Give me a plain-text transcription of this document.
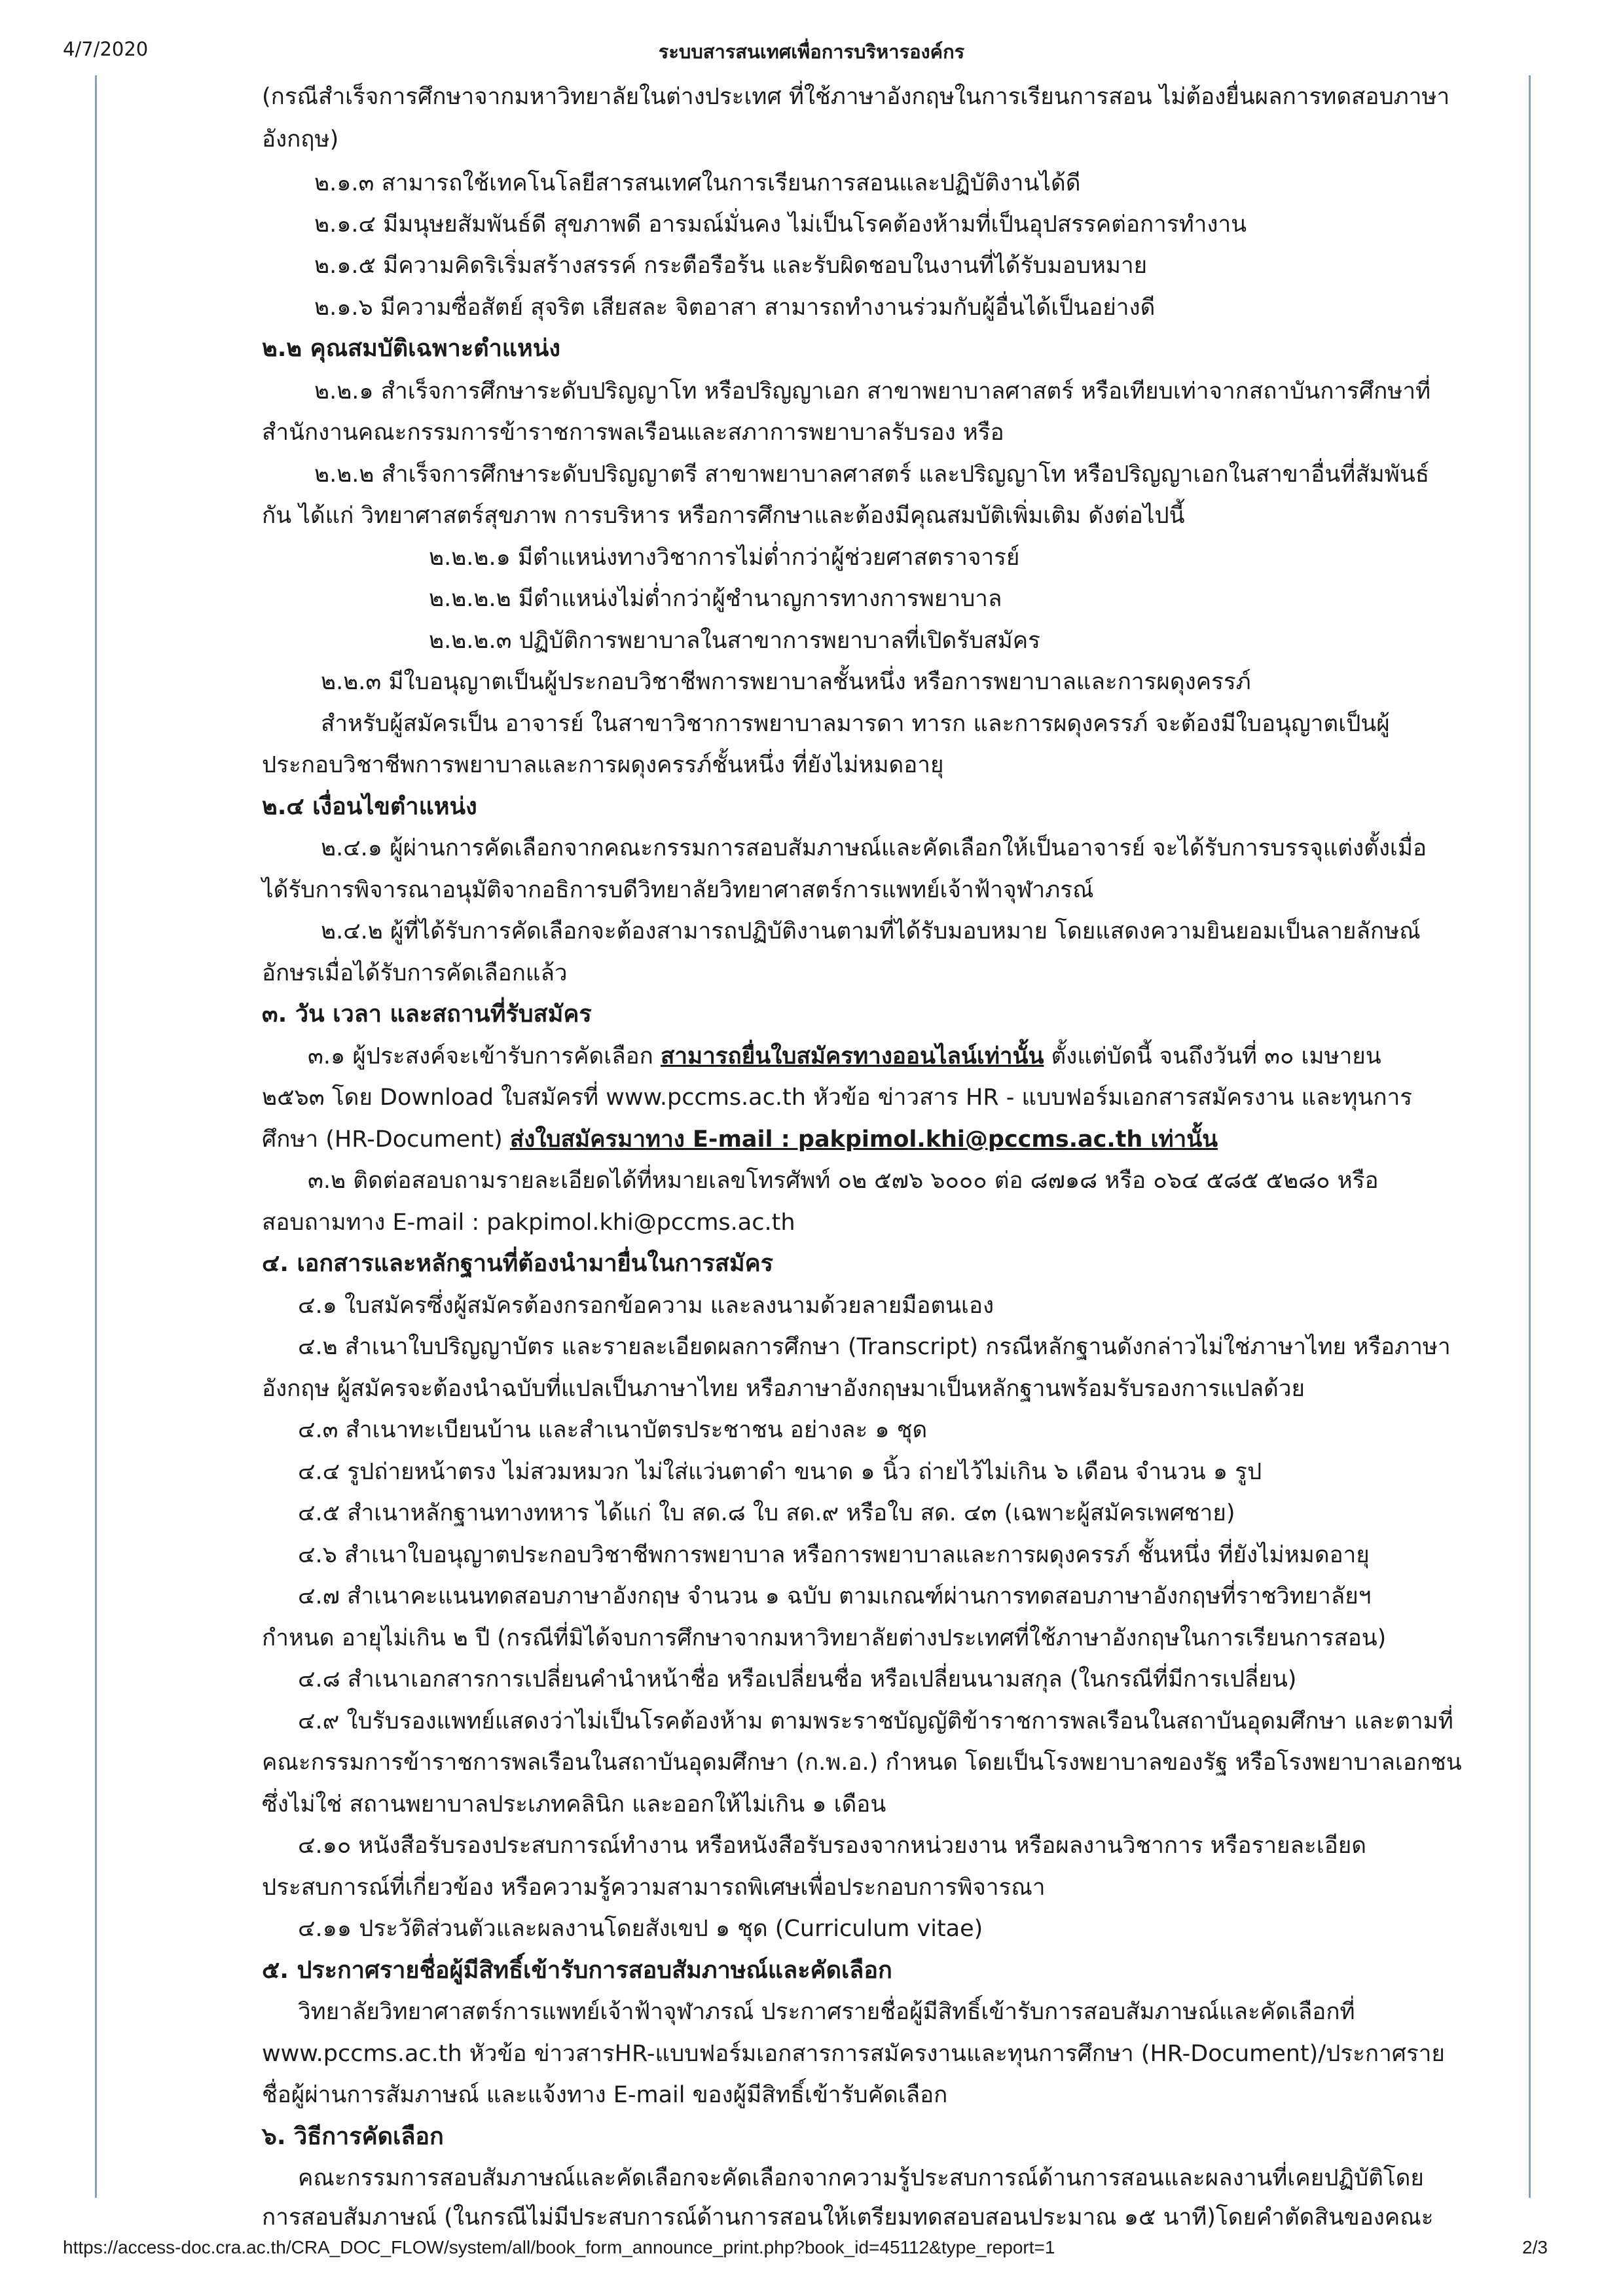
4/7/2020	ระบบสารสนเทศเพื่อการบริหารองค์กร
(กรณีสำเร็จการศึกษาจากมหาวิทยาลัยในต่างประเทศ ที่ใช้ภาษาอังกฤษในการเรียนการสอน ไม่ต้องยื่นผลการทดสอบภาษา
อังกฤษ)
๒.๑.๓ สามารถใช้เทคโนโลยีสารสนเทศในการเรียนการสอนและปฏิบัติงานได้ดี
๒.๑.๔ มีมนุษยสัมพันธ์ดี สุขภาพดี อารมณ์มั่นคง ไม่เป็นโรคต้องห้ามที่เป็นอุปสรรคต่อการทำงาน
๒.๑.๕ มีความคิดริเริ่มสร้างสรรค์ กระตือรือร้น และรับผิดชอบในงานที่ได้รับมอบหมาย
๒.๑.๖ มีความซื่อสัตย์ สุจริต เสียสละ จิตอาสา สามารถทำงานร่วมกับผู้อื่นได้เป็นอย่างดี
๒.๒ คุณสมบัติเฉพาะตำแหน่ง
๒.๒.๑ สำเร็จการศึกษาระดับปริญญาโท หรือปริญญาเอก สาขาพยาบาลศาสตร์ หรือเทียบเท่าจากสถาบันการศึกษาที่
สำนักงานคณะกรรมการข้าราชการพลเรือนและสภาการพยาบาลรับรอง หรือ
๒.๒.๒ สำเร็จการศึกษาระดับปริญญาตรี สาขาพยาบาลศาสตร์ และปริญญาโท หรือปริญญาเอกในสาขาอื่นที่สัมพันธ์
กัน ได้แก่ วิทยาศาสตร์สุขภาพ การบริหาร หรือการศึกษาและต้องมีคุณสมบัติเพิ่มเติม ดังต่อไปนี้
๒.๒.๒.๑ มีตำแหน่งทางวิชาการไม่ต่ำกว่าผู้ช่วยศาสตราจารย์
๒.๒.๒.๒ มีตำแหน่งไม่ต่ำกว่าผู้ชำนาญการทางการพยาบาล
๒.๒.๒.๓ ปฏิบัติการพยาบาลในสาขาการพยาบาลที่เปิดรับสมัคร
๒.๒.๓ มีใบอนุญาตเป็นผู้ประกอบวิชาชีพการพยาบาลชั้นหนึ่ง หรือการพยาบาลและการผดุงครรภ์
สำหรับผู้สมัครเป็น อาจารย์ ในสาขาวิชาการพยาบาลมารดา ทารก และการผดุงครรภ์ จะต้องมีใบอนุญาตเป็นผู้
ประกอบวิชาชีพการพยาบาลและการผดุงครรภ์ชั้นหนึ่ง ที่ยังไม่หมดอายุ
๒.๔ เงื่อนไขตำแหน่ง
๒.๔.๑ ผู้ผ่านการคัดเลือกจากคณะกรรมการสอบสัมภาษณ์และคัดเลือกให้เป็นอาจารย์ จะได้รับการบรรจุแต่งตั้งเมื่อ
ได้รับการพิจารณาอนุมัติจากอธิการบดีวิทยาลัยวิทยาศาสตร์การแพทย์เจ้าฟ้าจุฬาภรณ์
๒.๔.๒ ผู้ที่ได้รับการคัดเลือกจะต้องสามารถปฏิบัติงานตามที่ได้รับมอบหมาย โดยแสดงความยินยอมเป็นลายลักษณ์
อักษรเมื่อได้รับการคัดเลือกแล้ว
๓. วัน เวลา และสถานที่รับสมัคร
๓.๑ ผู้ประสงค์จะเข้ารับการคัดเลือก สามารถยื่นใบสมัครทางออนไลน์เท่านั้น ตั้งแต่บัดนี้ จนถึงวันที่ ๓๐ เมษายน
๒๕๖๓ โดย Download ใบสมัครที่ www.pccms.ac.th หัวข้อ ข่าวสาร HR - แบบฟอร์มเอกสารสมัครงาน และทุนการ
ศึกษา (HR-Document) ส่งใบสมัครมาทาง E-mail : pakpimol.khi@pccms.ac.th เท่านั้น
๓.๒ ติดต่อสอบถามรายละเอียดได้ที่หมายเลขโทรศัพท์ ๐๒ ๕๗๖ ๖๐๐๐ ต่อ ๘๗๑๘ หรือ ๐๖๔ ๕๘๕ ๕๒๘๐ หรือ
สอบถามทาง E-mail : pakpimol.khi@pccms.ac.th
๔. เอกสารและหลักฐานที่ต้องนำมายื่นในการสมัคร
๔.๑ ใบสมัครซึ่งผู้สมัครต้องกรอกข้อความ และลงนามด้วยลายมือตนเอง
๔.๒ สำเนาใบปริญญาบัตร และรายละเอียดผลการศึกษา (Transcript) กรณีหลักฐานดังกล่าวไม่ใช่ภาษาไทย หรือภาษา
อังกฤษ ผู้สมัครจะต้องนำฉบับที่แปลเป็นภาษาไทย หรือภาษาอังกฤษมาเป็นหลักฐานพร้อมรับรองการแปลด้วย
๔.๓ สำเนาทะเบียนบ้าน และสำเนาบัตรประชาชน อย่างละ ๑ ชุด
๔.๔ รูปถ่ายหน้าตรง ไม่สวมหมวก ไม่ใส่แว่นตาดำ ขนาด ๑ นิ้ว ถ่ายไว้ไม่เกิน ๖ เดือน จำนวน ๑ รูป
๔.๕ สำเนาหลักฐานทางทหาร ได้แก่ ใบ สด.๘ ใบ สด.๙ หรือใบ สด. ๔๓ (เฉพาะผู้สมัครเพศชาย)
๔.๖ สำเนาใบอนุญาตประกอบวิชาชีพการพยาบาล หรือการพยาบาลและการผดุงครรภ์ ชั้นหนึ่ง ที่ยังไม่หมดอายุ
๔.๗ สำเนาคะแนนทดสอบภาษาอังกฤษ จำนวน ๑ ฉบับ ตามเกณฑ์ผ่านการทดสอบภาษาอังกฤษที่ราชวิทยาลัยฯ
กำหนด อายุไม่เกิน ๒ ปี (กรณีที่มิได้จบการศึกษาจากมหาวิทยาลัยต่างประเทศที่ใช้ภาษาอังกฤษในการเรียนการสอน)
๔.๘ สำเนาเอกสารการเปลี่ยนคำนำหน้าชื่อ หรือเปลี่ยนชื่อ หรือเปลี่ยนนามสกุล (ในกรณีที่มีการเปลี่ยน)
๔.๙ ใบรับรองแพทย์แสดงว่าไม่เป็นโรคต้องห้าม ตามพระราชบัญญัติข้าราชการพลเรือนในสถาบันอุดมศึกษา และตามที่
คณะกรรมการข้าราชการพลเรือนในสถาบันอุดมศึกษา (ก.พ.อ.) กำหนด โดยเป็นโรงพยาบาลของรัฐ หรือโรงพยาบาลเอกชน
ซึ่งไม่ใช่ สถานพยาบาลประเภทคลินิก และออกให้ไม่เกิน ๑ เดือน
๔.๑๐ หนังสือรับรองประสบการณ์ทำงาน หรือหนังสือรับรองจากหน่วยงาน หรือผลงานวิชาการ หรือรายละเอียด
ประสบการณ์ที่เกี่ยวข้อง หรือความรู้ความสามารถพิเศษเพื่อประกอบการพิจารณา
๔.๑๑ ประวัติส่วนตัวและผลงานโดยสังเขป ๑ ชุด (Curriculum vitae)
๕. ประกาศรายชื่อผู้มีสิทธิ์เข้ารับการสอบสัมภาษณ์และคัดเลือก
วิทยาลัยวิทยาศาสตร์การแพทย์เจ้าฟ้าจุฬาภรณ์ ประกาศรายชื่อผู้มีสิทธิ์เข้ารับการสอบสัมภาษณ์และคัดเลือกที่
www.pccms.ac.th หัวข้อ ข่าวสารHR-แบบฟอร์มเอกสารการสมัครงานและทุนการศึกษา (HR-Document)/ประกาศราย
ชื่อผู้ผ่านการสัมภาษณ์ และแจ้งทาง E-mail ของผู้มีสิทธิ์เข้ารับคัดเลือก
๖. วิธีการคัดเลือก
คณะกรรมการสอบสัมภาษณ์และคัดเลือกจะคัดเลือกจากความรู้ประสบการณ์ด้านการสอนและผลงานที่เคยปฏิบัติโดย
การสอบสัมภาษณ์ (ในกรณีไม่มีประสบการณ์ด้านการสอนให้เตรียมทดสอบสอนประมาณ ๑๕ นาที)โดยคำตัดสินของคณะ
https://access-doc.cra.ac.th/CRA_DOC_FLOW/system/all/book_form_announce_print.php?book_id=45112&type_report=1	2/3
